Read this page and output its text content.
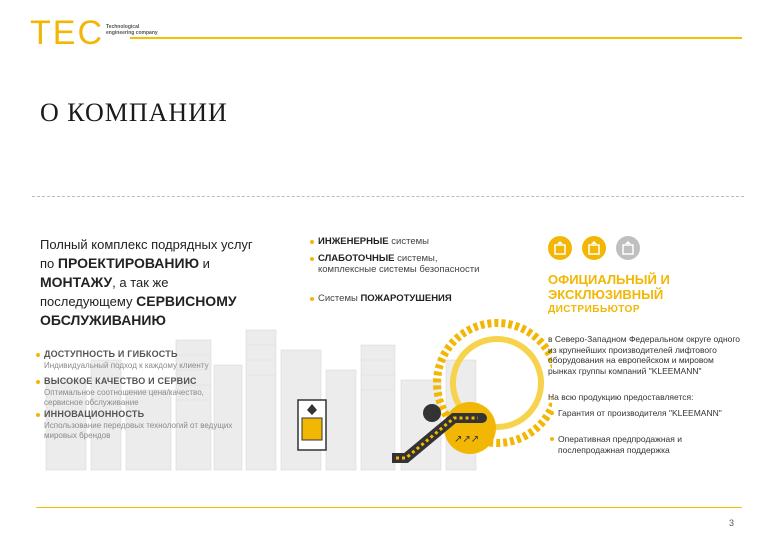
TEC Technological
engineering company
О КОМПАНИИ
↗↗↗
Полный комплекс подрядных услуг
по ПРОЕКТИРОВАНИЮ и
МОНТАЖУ, а так же
последующему СЕРВИСНОМУ
ОБСЛУЖИВАНИЮ
ДОСТУПНОСТЬ И ГИБКОСТЬ
Индивидуальный подход к каждому клиенту
ВЫСОКОЕ КАЧЕСТВО И СЕРВИС
Оптимальное соотношение цена/качество, сервисное обслуживание
ИННОВАЦИОННОСТЬ
Использование передовых технологий от ведущих мировых брендов
ИНЖЕНЕРНЫЕ системы
СЛАБОТОЧНЫЕ системы, комплексные системы безопасности
Системы ПОЖАРОТУШЕНИЯ
ОФИЦИАЛЬНЫЙ И
ЭКСКЛЮЗИВНЫЙ
ДИСТРИБЬЮТОР
в Северо-Западном Федеральном округе одного из крупнейших производителей лифтового оборудования на европейском и мировом рынках группы компаний "KLEEMANN"
На всю продукцию предоставляется:
Гарантия от производителя "KLEEMANN"
Оперативная предпродажная и послепродажная поддержка
3
